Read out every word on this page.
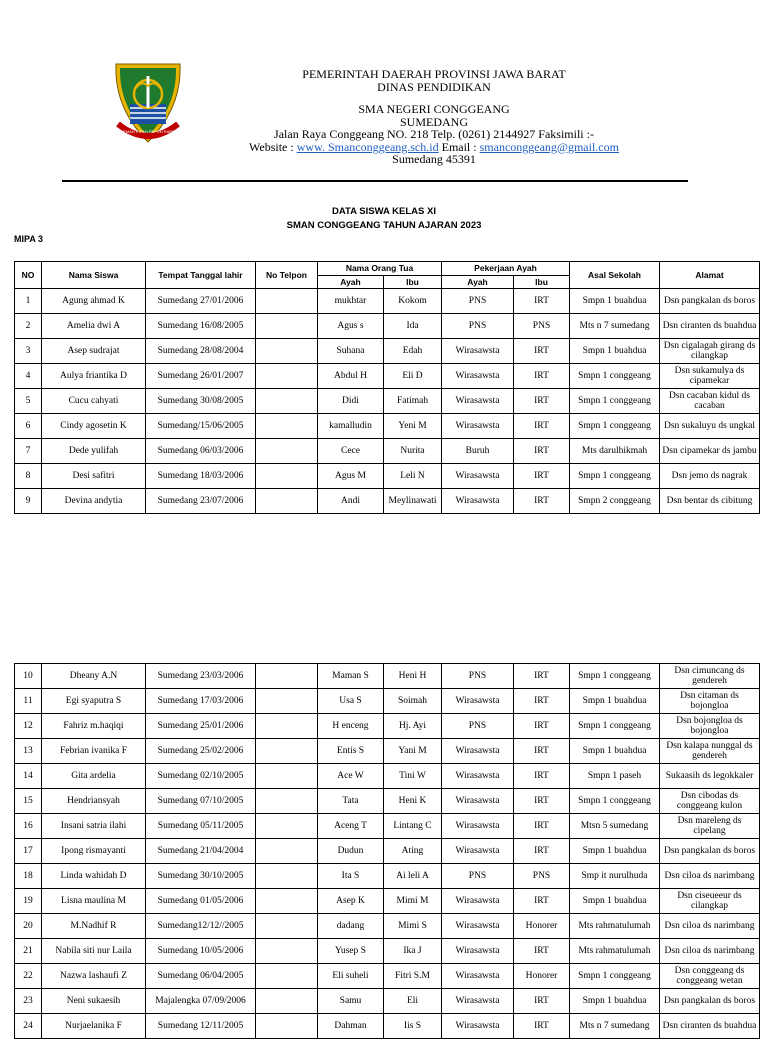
GEMAH RIPAH REPEH RAPIH
PEMERINTAH DAERAH PROVINSI JAWA BARAT
DINAS PENDIDIKAN
SMA NEGERI CONGGEANG
SUMEDANG
Jalan Raya Conggeang NO. 218 Telp. (0261) 2144927 Faksimili :-
Website : www. Smanconggeang.sch.id Email : smanconggeang@gmail.com
Sumedang 45391
DATA SISWA KELAS XI
SMAN CONGGEANG TAHUN AJARAN 2023
MIPA 3
NO	Nama Siswa	Tempat Tanggal lahir	No Telpon	Nama Orang Tua		Pekerjaan Ayah		Asal Sekolah	Alamat
				Ayah	Ibu	Ayah	Ibu		
1	Agung ahmad K	Sumedang 27/01/2006		mukhtar	Kokom	PNS	IRT	Smpn 1 buahdua	Dsn pangkalan ds boros
2	Amelia dwi A	Sumedang 16/08/2005		Agus s	Ida	PNS	PNS	Mts n 7 sumedang	Dsn ciranten ds buahdua
3	Asep sudrajat	Sumedang 28/08/2004		Suhana	Edah	Wirasawsta	IRT	Smpn 1 buahdua	Dsn cigalagah girang ds cilangkap
4	Aulya friantika D	Sumedang 26/01/2007		Abdul H	Eli D	Wirasawsta	IRT	Smpn 1 conggeang	Dsn sukamulya ds cipamekar
5	Cucu cahyati	Sumedang 30/08/2005		Didi	Fatimah	Wirasawsta	IRT	Smpn 1 conggeang	Dsn cacaban kidul ds cacaban
6	Cindy agosetin K	Sumedang/15/06/2005		kamalludin	Yeni M	Wirasawsta	IRT	Smpn 1 conggeang	Dsn sukaluyu ds ungkal
7	Dede yulifah	Sumedang 06/03/2006		Cece	Nurita	Buruh	IRT	Mts darulhikmah	Dsn cipamekar ds jambu
8	Desi safitri	Sumedang 18/03/2006		Agus M	Leli N	Wirasawsta	IRT	Smpn 1 conggeang	Dsn jemo ds nagrak
9	Devina andytia	Sumedang 23/07/2006		Andi	Meylinawati	Wirasawsta	IRT	Smpn 2 conggeang	Dsn bentar ds cibitung
10	Dheany A.N	Sumedang 23/03/2006		Maman S	Heni H	PNS	IRT	Smpn 1 conggeang	Dsn cimuncang ds gendereh
11	Egi syaputra S	Sumedang 17/03/2006		Usa S	Soimah	Wirasawsta	IRT	Smpn 1 buahdua	Dsn citaman ds bojongloa
12	Fahriz m.haqiqi	Sumedang 25/01/2006		H enceng	Hj. Ayi	PNS	IRT	Smpn 1 conggeang	Dsn bojongloa ds bojongloa
13	Febrian ivanika F	Sumedang 25/02/2006		Entis S	Yani M	Wirasawsta	IRT	Smpn 1 buahdua	Dsn kalapa nunggal ds gendereh
14	Gita ardelia	Sumedang 02/10/2005		Ace W	Tini W	Wirasawsta	IRT	Smpn 1 paseh	Sukaasih ds legokkaler
15	Hendriansyah	Sumedang 07/10/2005		Tata	Heni K	Wirasawsta	IRT	Smpn 1 conggeang	Dsn cibodas ds conggeang kulon
16	Insani satria ilahi	Sumedang 05/11/2005		Aceng T	Lintang C	Wirasawsta	IRT	Mtsn 5 sumedang	Dsn mareleng ds cipelang
17	Ipong rismayanti	Sumedang 21/04/2004		Dudun	Ating	Wirasawsta	IRT	Smpn 1 buahdua	Dsn pangkalan ds boros
18	Linda wahidah D	Sumedang 30/10/2005		Ita S	Ai leli A	PNS	PNS	Smp it nurulhuda	Dsn ciloa ds narimbang
19	Lisna maulina M	Sumedang 01/05/2006		Asep K	Mimi M	Wirasawsta	IRT	Smpn 1 buahdua	Dsn ciseueeur ds cilangkap
20	M.Nadhif R	Sumedang12/12//2005		dadang	Mimi S	Wirasawsta	Honorer	Mts rahmatulumah	Dsn ciloa ds narimbang
21	Nabila siti nur Laila	Sumedang 10/05/2006		Yusep S	Ika J	Wirasawsta	IRT	Mts rahmatulumah	Dsn ciloa ds narimbang
22	Nazwa lashaufi Z	Sumedang 06/04/2005		Eli suheli	Fitri S.M	Wirasawsta	Honorer	Smpn 1 conggeang	Dsn conggeang ds conggeang wetan
23	Neni sukaesih	Majalengka 07/09/2006		Samu	Eli	Wirasawsta	IRT	Smpn 1 buahdua	Dsn pangkalan ds boros
24	Nurjaelanika F	Sumedang 12/11/2005		Dahman	Iis S	Wirasawsta	IRT	Mts n 7 sumedang	Dsn ciranten ds buahdua
